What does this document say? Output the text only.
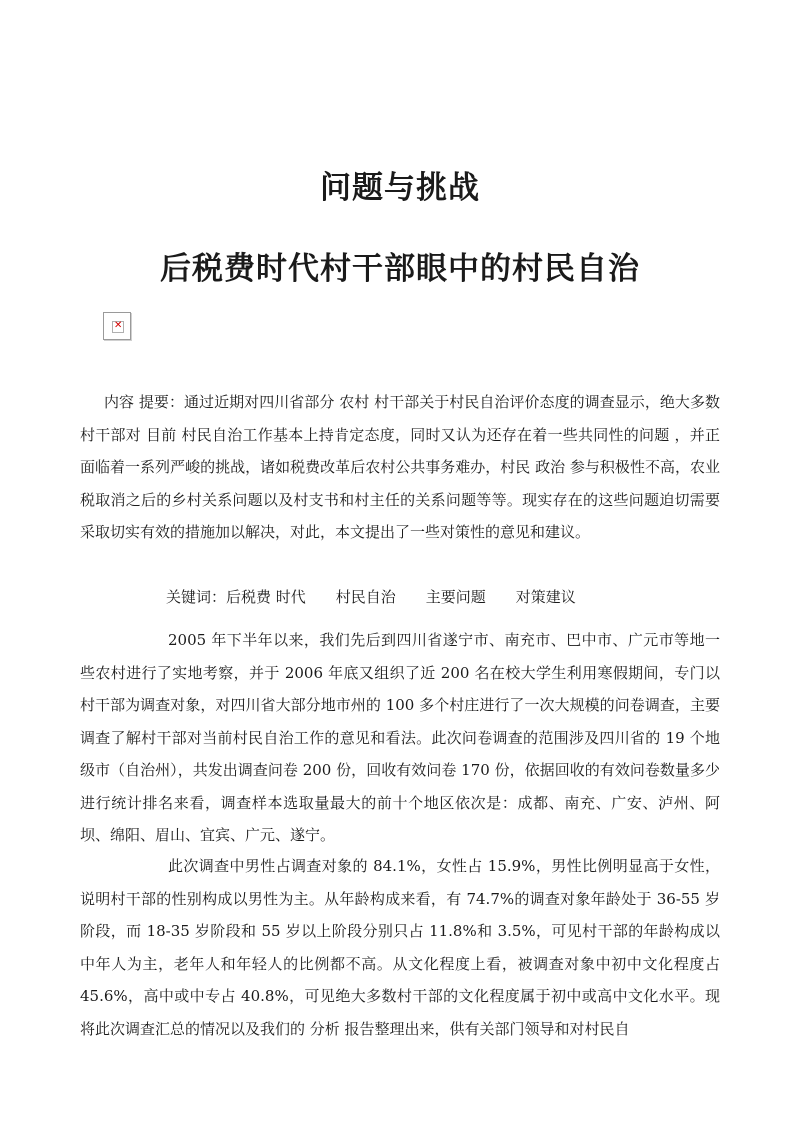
问题与挑战
后税费时代村干部眼中的村民自治
✕

内容 提要：通过近期对四川省部分 农村 村干部关于村民自治评价态度的调查显示，绝大多数村干部对 目前 村民自治工作基本上持肯定态度，同时又认为还存在着一些共同性的问题 ，并正面临着一系列严峻的挑战，诸如税费改革后农村公共事务难办，村民 政治 参与积极性不高，农业税取消之后的乡村关系问题以及村支书和村主任的关系问题等等。现实存在的这些问题迫切需要采取切实有效的措施加以解决，对此，本文提出了一些对策性的意见和建议。

关键词：后税费 时代　　村民自治　　主要问题　　对策建议

2005 年下半年以来，我们先后到四川省遂宁市、南充市、巴中市、广元市等地一些农村进行了实地考察，并于 2006 年底又组织了近 200 名在校大学生利用寒假期间，专门以村干部为调查对象，对四川省大部分地市州的 100 多个村庄进行了一次大规模的问卷调查，主要调查了解村干部对当前村民自治工作的意见和看法。此次问卷调查的范围涉及四川省的 19 个地级市（自治州），共发出调查问卷 200 份，回收有效问卷 170 份，依据回收的有效问卷数量多少进行统计排名来看，调查样本选取量最大的前十个地区依次是：成都、南充、广安、泸州、阿坝、绵阳、眉山、宜宾、广元、遂宁。

此次调查中男性占调查对象的 84.1%，女性占 15.9%，男性比例明显高于女性，说明村干部的性别构成以男性为主。从年龄构成来看，有 74.7%的调查对象年龄处于 36-55 岁阶段，而 18-35 岁阶段和 55 岁以上阶段分别只占 11.8%和 3.5%，可见村干部的年龄构成以中年人为主，老年人和年轻人的比例都不高。从文化程度上看，被调查对象中初中文化程度占 45.6%，高中或中专占 40.8%，可见绝大多数村干部的文化程度属于初中或高中文化水平。现将此次调查汇总的情况以及我们的 分析 报告整理出来，供有关部门领导和对村民自
